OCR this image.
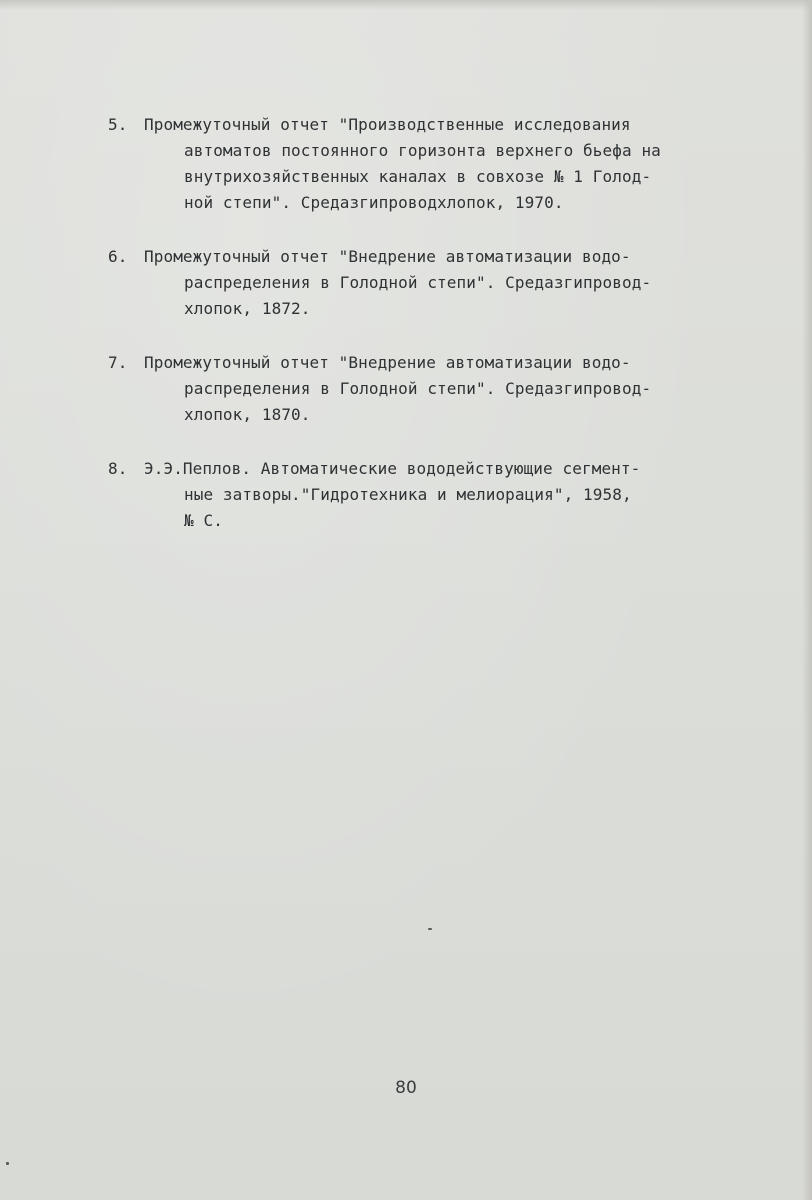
5. Промежуточный отчет "Производственные исследования
автоматов постоянного горизонта верхнего бьефа на
внутрихозяйственных каналах в совхозе № 1 Голод-
ной степи". Средазгипроводхлопок, 1970.
6. Промежуточный отчет "Внедрение автоматизации водо-
распределения в Голодной степи". Средазгипровод-
хлопок, 1872.
7. Промежуточный отчет "Внедрение автоматизации водо-
распределения в Голодной степи". Средазгипровод-
хлопок, 1870.
8. Э.Э.Пеплов. Автоматические вододействующие сегмент-
ные затворы."Гидротехника и мелиорация", 1958,
№ С.
80
